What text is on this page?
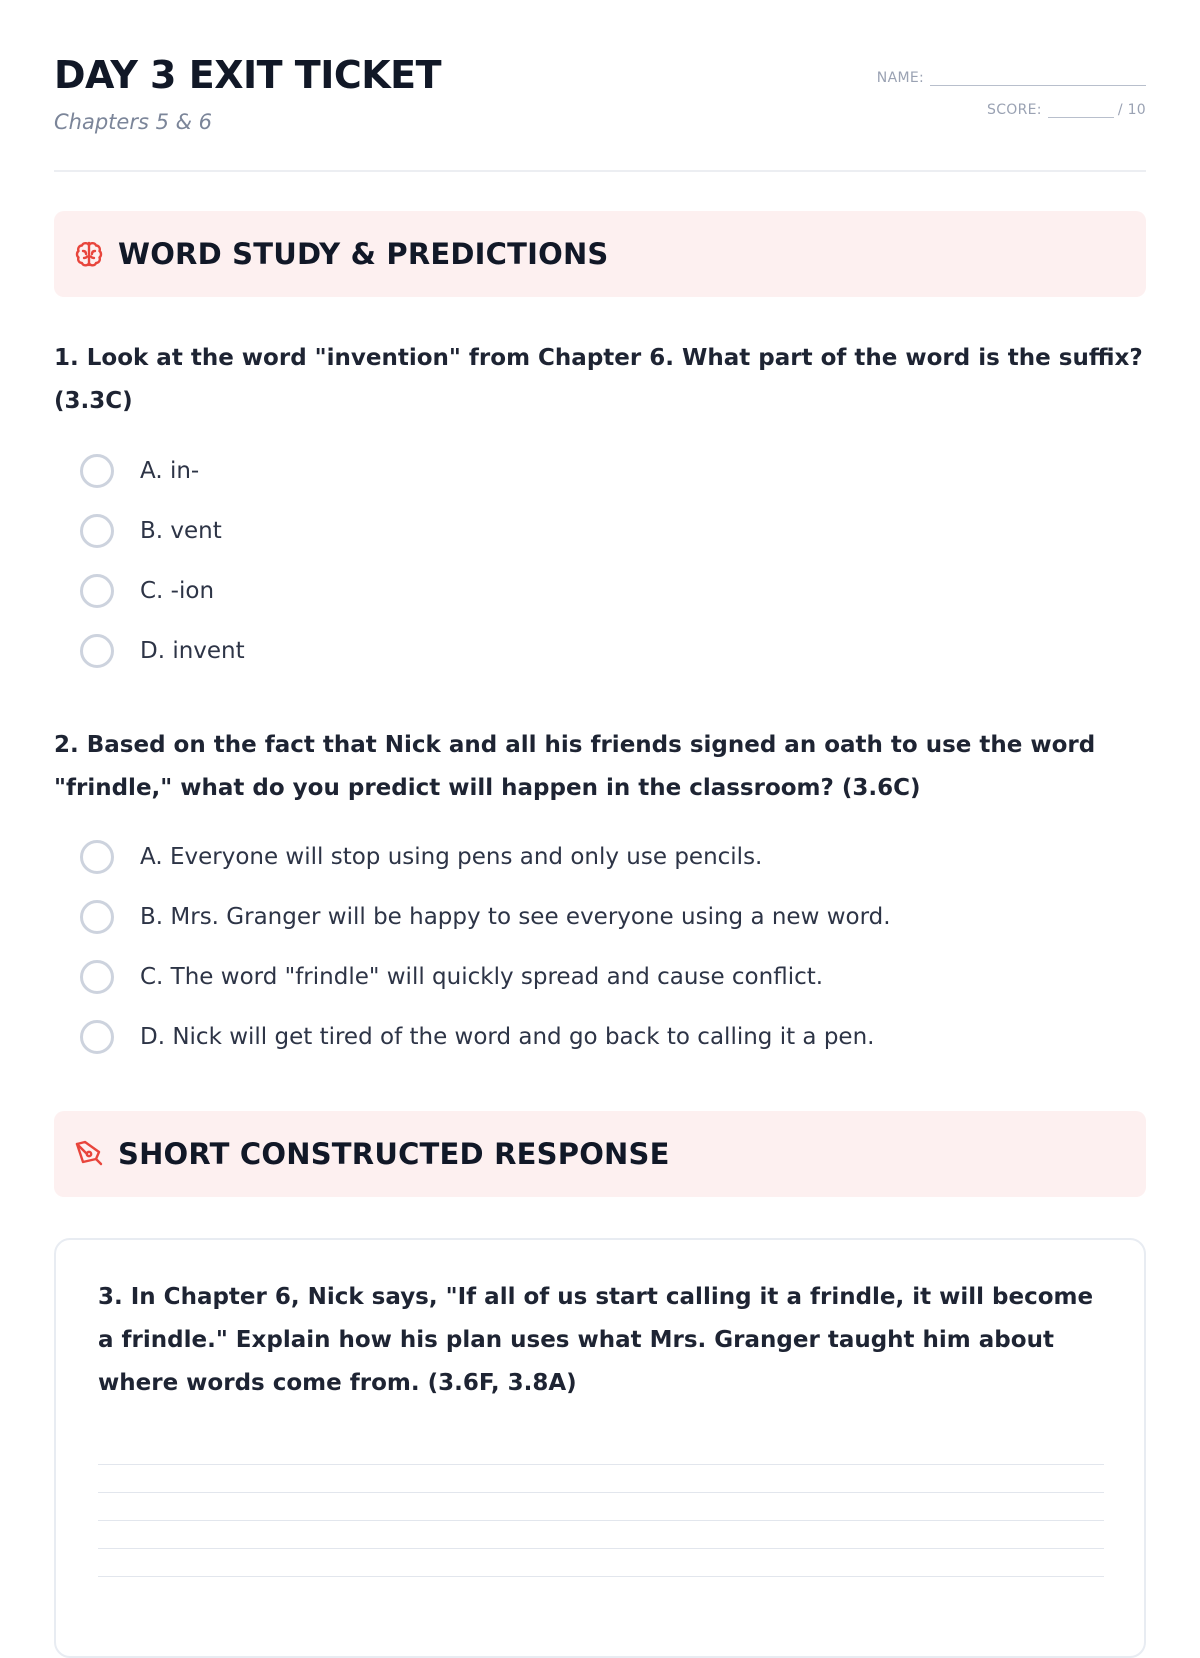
DAY 3 EXIT TICKET
Chapters 5 & 6
NAME:
SCORE:	/ 10
WORD STUDY & PREDICTIONS
1. Look at the word "invention" from Chapter 6. What part of the word is the suffix? (3.3C)
A. in-
B. vent
C. -ion
D. invent
2. Based on the fact that Nick and all his friends signed an oath to use the word "frindle," what do you predict will happen in the classroom? (3.6C)
A. Everyone will stop using pens and only use pencils.
B. Mrs. Granger will be happy to see everyone using a new word.
C. The word "frindle" will quickly spread and cause conflict.
D. Nick will get tired of the word and go back to calling it a pen.
SHORT CONSTRUCTED RESPONSE
3. In Chapter 6, Nick says, "If all of us start calling it a frindle, it will become a frindle." Explain how his plan uses what Mrs. Granger taught him about where words come from. (3.6F, 3.8A)
